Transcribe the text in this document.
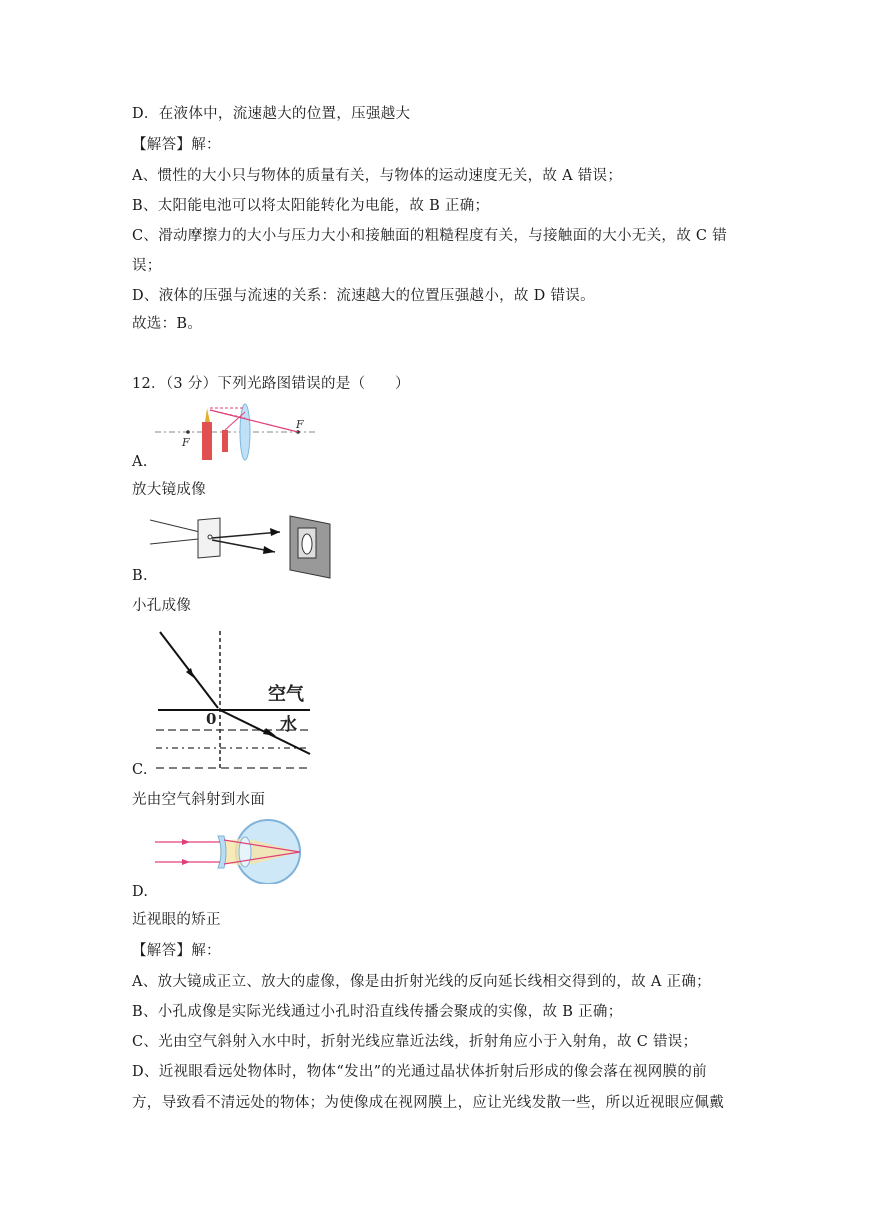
D．在液体中，流速越大的位置，压强越大
【解答】解：
A、惯性的大小只与物体的质量有关，与物体的运动速度无关，故 A 错误；
B、太阳能电池可以将太阳能转化为电能，故 B 正确；
C、滑动摩擦力的大小与压力大小和接触面的粗糙程度有关，与接触面的大小无关，故 C 错
误；
D、液体的压强与流速的关系：流速越大的位置压强越小，故 D 错误。
故选：B。
12．（3 分）下列光路图错误的是（　　）
F
F
A.
放大镜成像
B.
小孔成像
空气
水
0
C.
光由空气斜射到水面
D.
近视眼的矫正
【解答】解：
A、放大镜成正立、放大的虚像，像是由折射光线的反向延长线相交得到的，故 A 正确；
B、小孔成像是实际光线通过小孔时沿直线传播会聚成的实像，故 B 正确；
C、光由空气斜射入水中时，折射光线应靠近法线，折射角应小于入射角，故 C 错误；
D、近视眼看远处物体时，物体“发出”的光通过晶状体折射后形成的像会落在视网膜的前
方，导致看不清远处的物体；为使像成在视网膜上，应让光线发散一些，所以近视眼应佩戴
